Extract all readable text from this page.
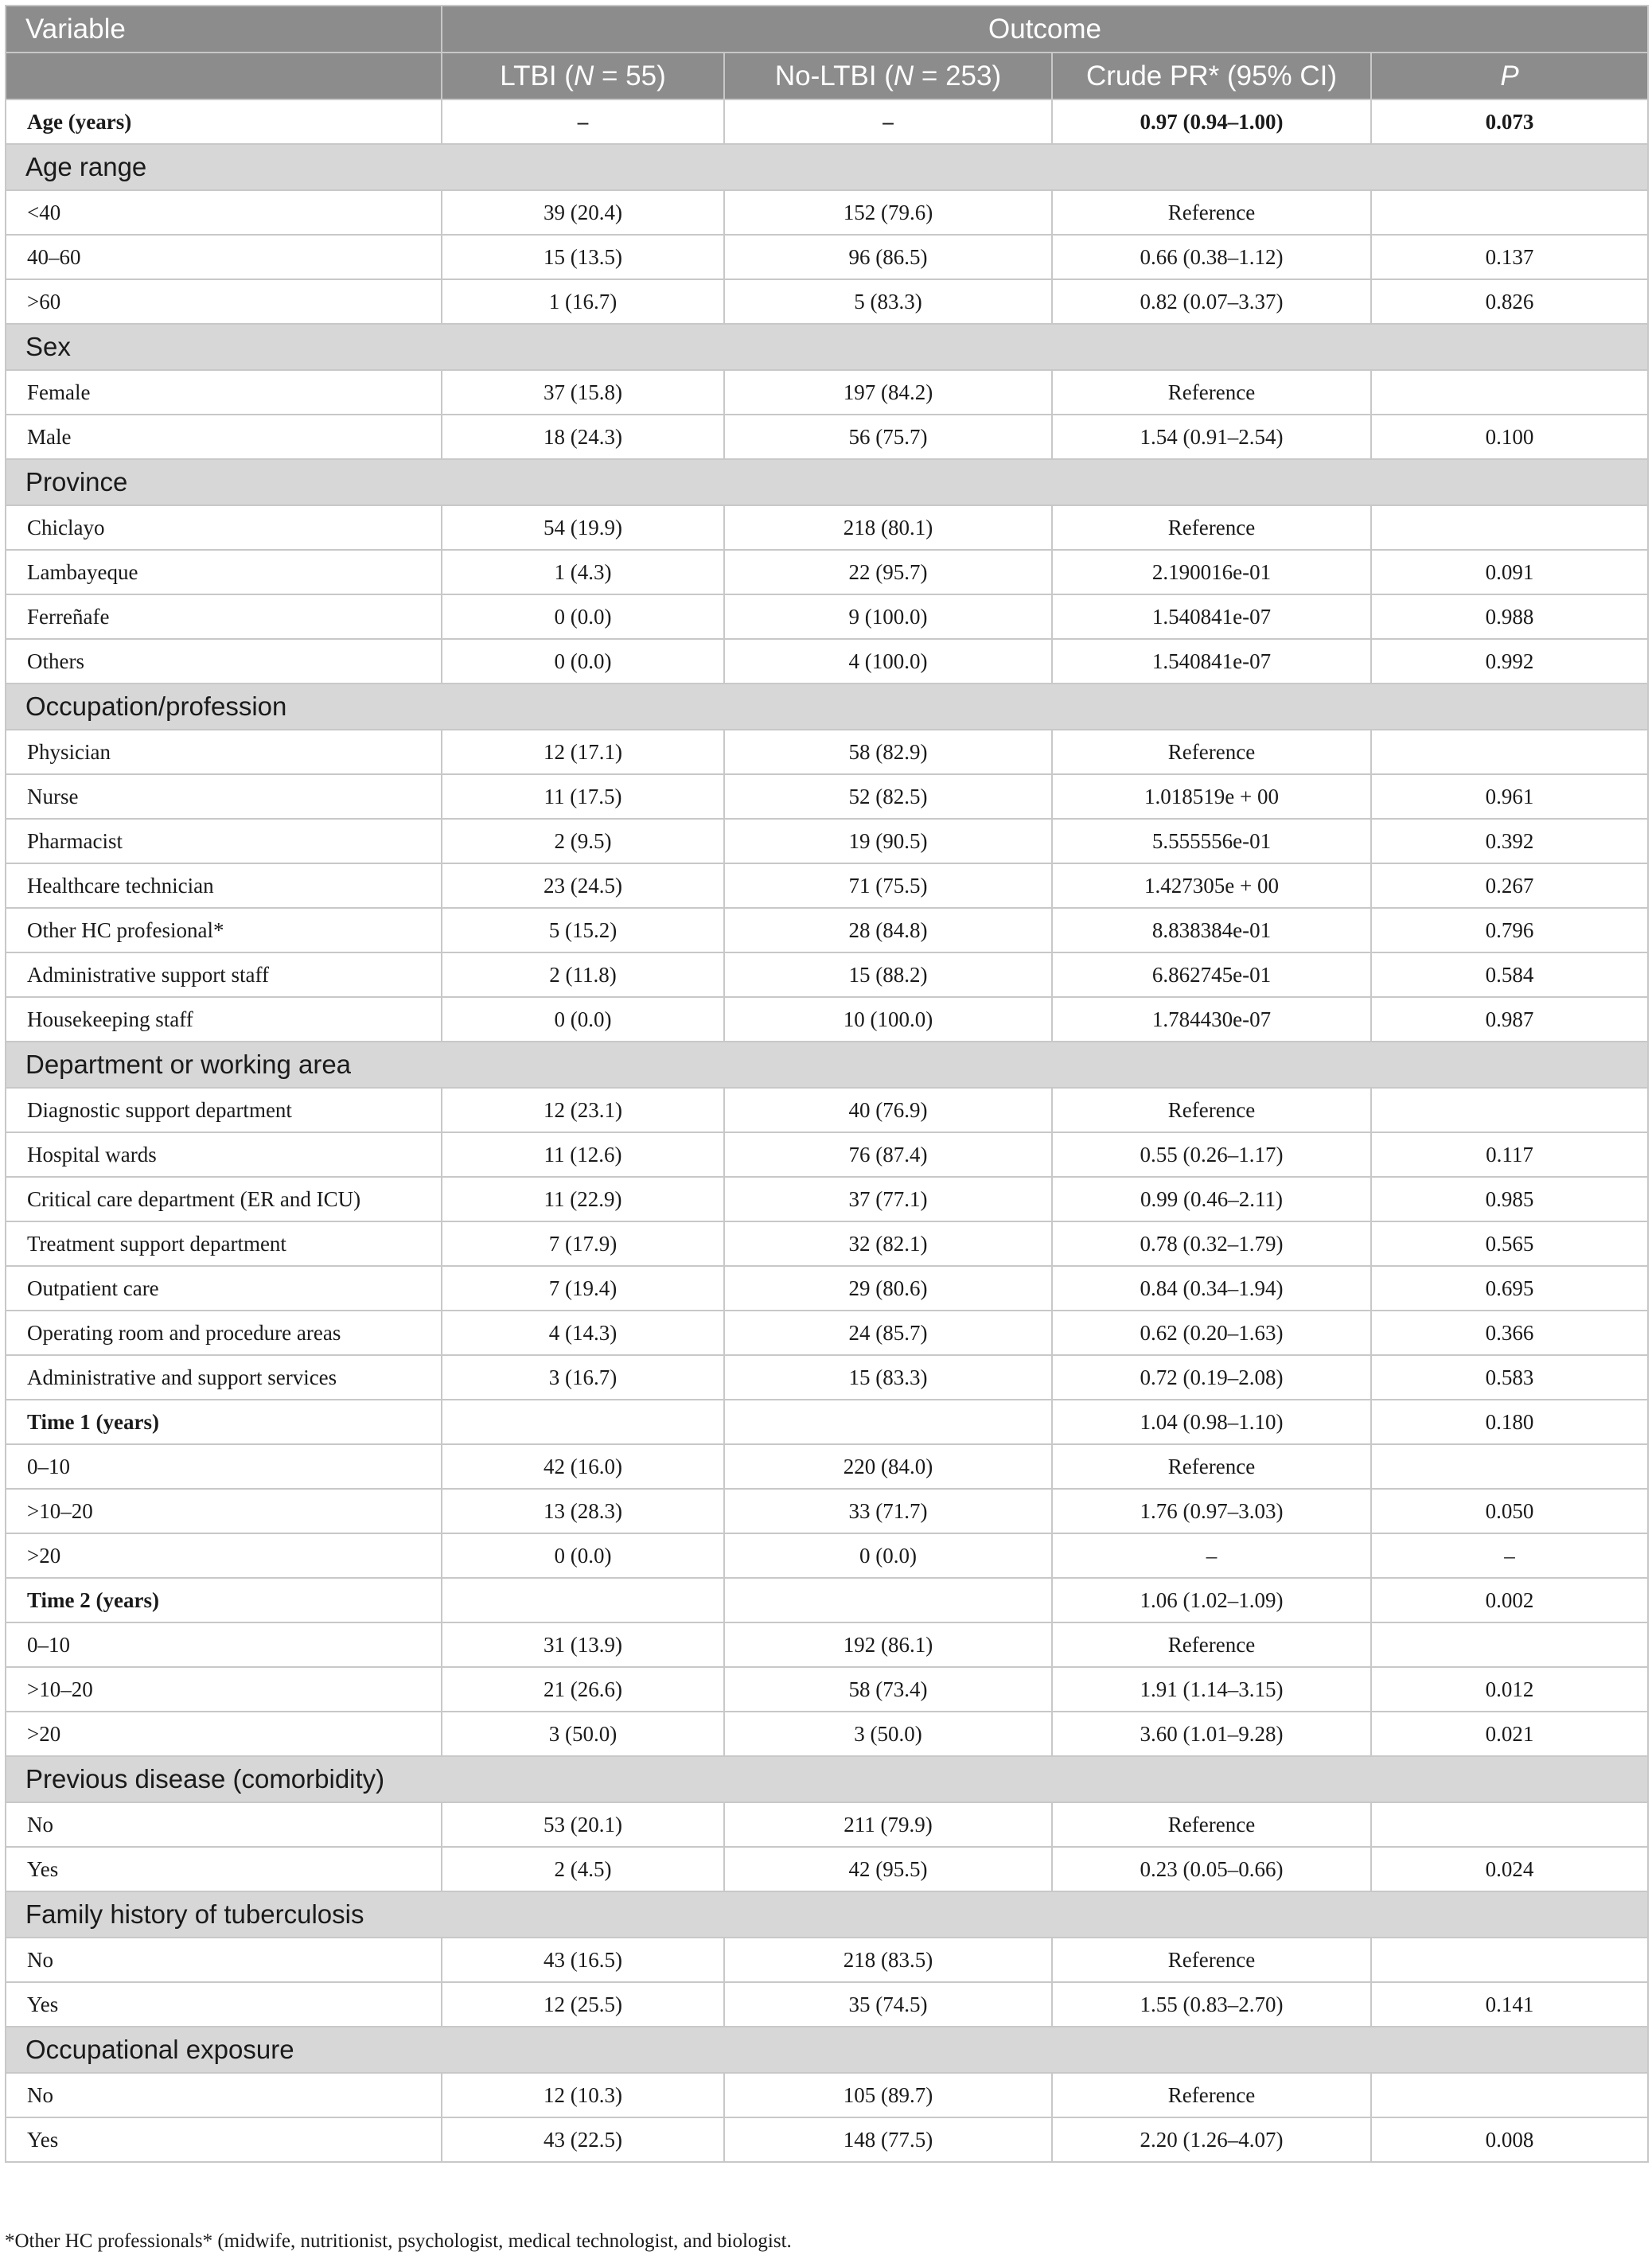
Variable	Outcome			
	LTBI (N = 55)	No-LTBI (N = 253)	Crude PR* (95% CI)	P
Age (years)	–	–	0.97 (0.94–1.00)	0.073
Age range				
<40	39 (20.4)	152 (79.6)	Reference	
40–60	15 (13.5)	96 (86.5)	0.66 (0.38–1.12)	0.137
>60	1 (16.7)	5 (83.3)	0.82 (0.07–3.37)	0.826
Sex				
Female	37 (15.8)	197 (84.2)	Reference	
Male	18 (24.3)	56 (75.7)	1.54 (0.91–2.54)	0.100
Province				
Chiclayo	54 (19.9)	218 (80.1)	Reference	
Lambayeque	1 (4.3)	22 (95.7)	2.190016e-01	0.091
Ferreñafe	0 (0.0)	9 (100.0)	1.540841e-07	0.988
Others	0 (0.0)	4 (100.0)	1.540841e-07	0.992
Occupation/profession				
Physician	12 (17.1)	58 (82.9)	Reference	
Nurse	11 (17.5)	52 (82.5)	1.018519e + 00	0.961
Pharmacist	2 (9.5)	19 (90.5)	5.555556e-01	0.392
Healthcare technician	23 (24.5)	71 (75.5)	1.427305e + 00	0.267
Other HC profesional*	5 (15.2)	28 (84.8)	8.838384e-01	0.796
Administrative support staff	2 (11.8)	15 (88.2)	6.862745e-01	0.584
Housekeeping staff	0 (0.0)	10 (100.0)	1.784430e-07	0.987
Department or working area				
Diagnostic support department	12 (23.1)	40 (76.9)	Reference	
Hospital wards	11 (12.6)	76 (87.4)	0.55 (0.26–1.17)	0.117
Critical care department (ER and ICU)	11 (22.9)	37 (77.1)	0.99 (0.46–2.11)	0.985
Treatment support department	7 (17.9)	32 (82.1)	0.78 (0.32–1.79)	0.565
Outpatient care	7 (19.4)	29 (80.6)	0.84 (0.34–1.94)	0.695
Operating room and procedure areas	4 (14.3)	24 (85.7)	0.62 (0.20–1.63)	0.366
Administrative and support services	3 (16.7)	15 (83.3)	0.72 (0.19–2.08)	0.583
Time 1 (years)			1.04 (0.98–1.10)	0.180
0–10	42 (16.0)	220 (84.0)	Reference	
>10–20	13 (28.3)	33 (71.7)	1.76 (0.97–3.03)	0.050
>20	0 (0.0)	0 (0.0)	–	–
Time 2 (years)			1.06 (1.02–1.09)	0.002
0–10	31 (13.9)	192 (86.1)	Reference	
>10–20	21 (26.6)	58 (73.4)	1.91 (1.14–3.15)	0.012
>20	3 (50.0)	3 (50.0)	3.60 (1.01–9.28)	0.021
Previous disease (comorbidity)				
No	53 (20.1)	211 (79.9)	Reference	
Yes	2 (4.5)	42 (95.5)	0.23 (0.05–0.66)	0.024
Family history of tuberculosis				
No	43 (16.5)	218 (83.5)	Reference	
Yes	12 (25.5)	35 (74.5)	1.55 (0.83–2.70)	0.141
Occupational exposure				
No	12 (10.3)	105 (89.7)	Reference	
Yes	43 (22.5)	148 (77.5)	2.20 (1.26–4.07)	0.008
*Other HC professionals* (midwife, nutritionist, psychologist, medical technologist, and biologist.
